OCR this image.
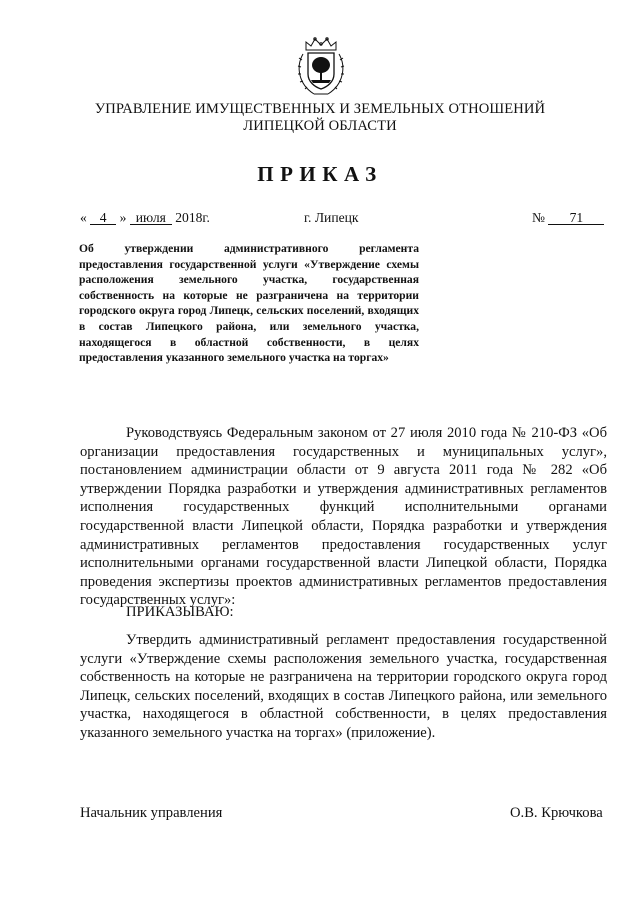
УПРАВЛЕНИЕ ИМУЩЕСТВЕННЫХ И ЗЕМЕЛЬНЫХ ОТНОШЕНИЙ
ЛИПЕЦКОЙ ОБЛАСТИ
ПРИКАЗ
« 4 » июля 2018г.	г. Липецк	№ 71
Об утверждении административного регламента предоставления государственной услуги «Утверждение схемы расположения земельного участка, государственная собственность на которые не разграничена на территории городского округа город Липецк, сельских поселений, входящих в состав Липецкого района, или земельного участка, находящегося в областной собственности, в целях предоставления указанного земельного участка на торгах»
Руководствуясь Федеральным законом от 27 июля 2010 года № 210-ФЗ «Об организации предоставления государственных и муниципальных услуг», постановлением администрации области от 9 августа 2011 года № 282 «Об утверждении Порядка разработки и утверждения административных регламентов исполнения государственных функций исполнительными органами государственной власти Липецкой области, Порядка разработки и утверждения административных регламентов предоставления государственных услуг исполнительными органами государственной власти Липецкой области, Порядка проведения экспертизы проектов административных регламентов предоставления государственных услуг»:
ПРИКАЗЫВАЮ:
Утвердить административный регламент предоставления государственной услуги «Утверждение схемы расположения земельного участка, государственная собственность на которые не разграничена на территории городского округа город Липецк, сельских поселений, входящих в состав Липецкого района, или земельного участка, находящегося в областной собственности, в целях предоставления указанного земельного участка на торгах» (приложение).
Начальник управления	О.В. Крючкова
